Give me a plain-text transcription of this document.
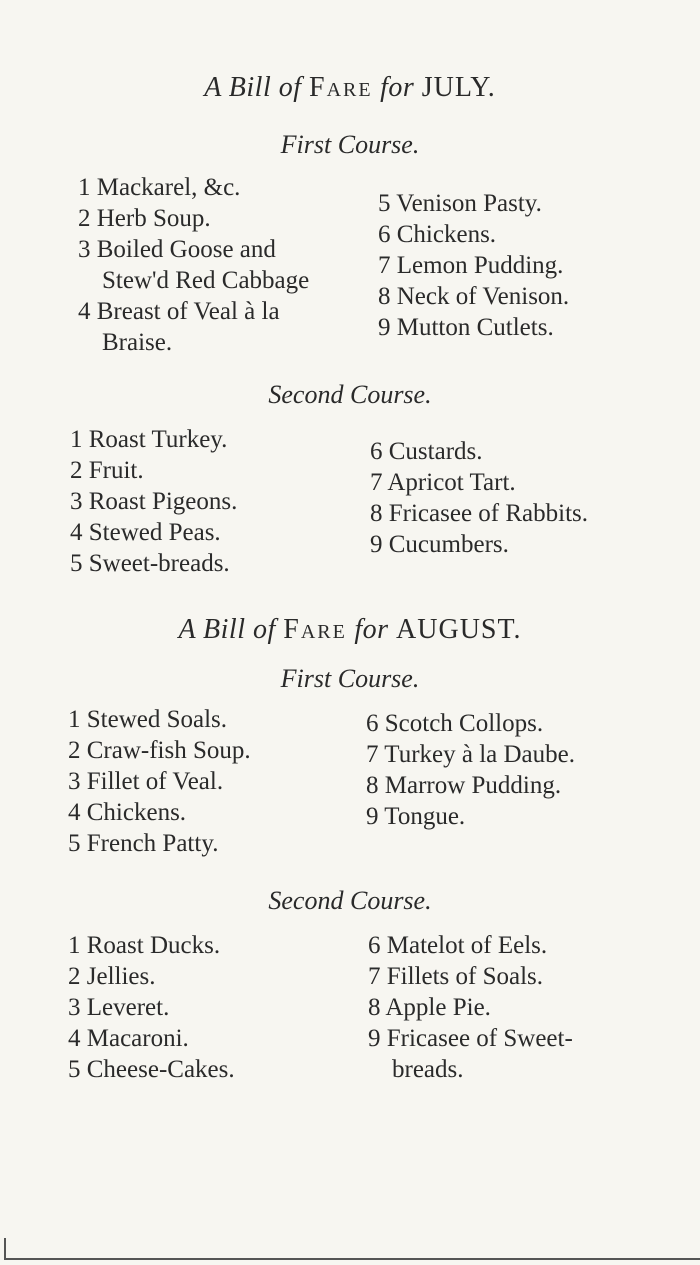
A Bill of Fare for JULY.
First Course.
1 Mackarel, &c.
2 Herb Soup.
3 Boiled Goose and
Stew'd Red Cabbage
4 Breast of Veal à la
Braise.
5 Venison Pasty.
6 Chickens.
7 Lemon Pudding.
8 Neck of Venison.
9 Mutton Cutlets.
Second Course.
1 Roast Turkey.
2 Fruit.
3 Roast Pigeons.
4 Stewed Peas.
5 Sweet-breads.
6 Custards.
7 Apricot Tart.
8 Fricasee of Rabbits.
9 Cucumbers.
A Bill of Fare for AUGUST.
First Course.
1 Stewed Soals.
2 Craw-fish Soup.
3 Fillet of Veal.
4 Chickens.
5 French Patty.
6 Scotch Collops.
7 Turkey à la Daube.
8 Marrow Pudding.
9 Tongue.
Second Course.
1 Roast Ducks.
2 Jellies.
3 Leveret.
4 Macaroni.
5 Cheese-Cakes.
6 Matelot of Eels.
7 Fillets of Soals.
8 Apple Pie.
9 Fricasee of Sweet-
breads.
